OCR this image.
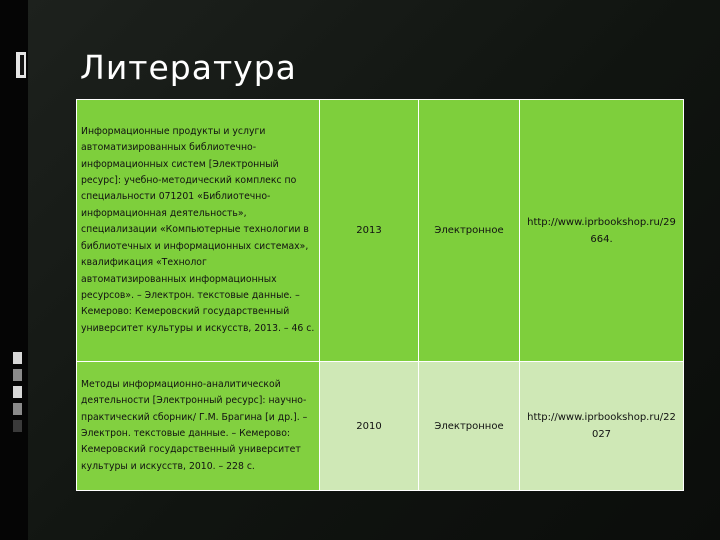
Литература
Информационные продукты и услуги автоматизированных библиотечно-информационных систем [Электронный ресурс]: учебно-методический комплекс по специальности 071201 «Библиотечно-информационная деятельность», специализации «Компьютерные технологии в библиотечных и информационных системах», квалификация «Технолог автоматизированных информационных ресурсов». – Электрон. текстовые данные. – Кемерово: Кемеровский государственный университет культуры и искусств, 2013. – 46 c.	2013	Электронное	http://www.iprbookshop.ru/29664.
Методы информационно-аналитической деятельности [Электронный ресурс]: научно-практический сборник/ Г.М. Брагина [и др.]. – Электрон. текстовые данные. – Кемерово: Кемеровский государственный университет культуры и искусств, 2010. – 228 c.	2010	Электронное	http://www.iprbookshop.ru/22027
